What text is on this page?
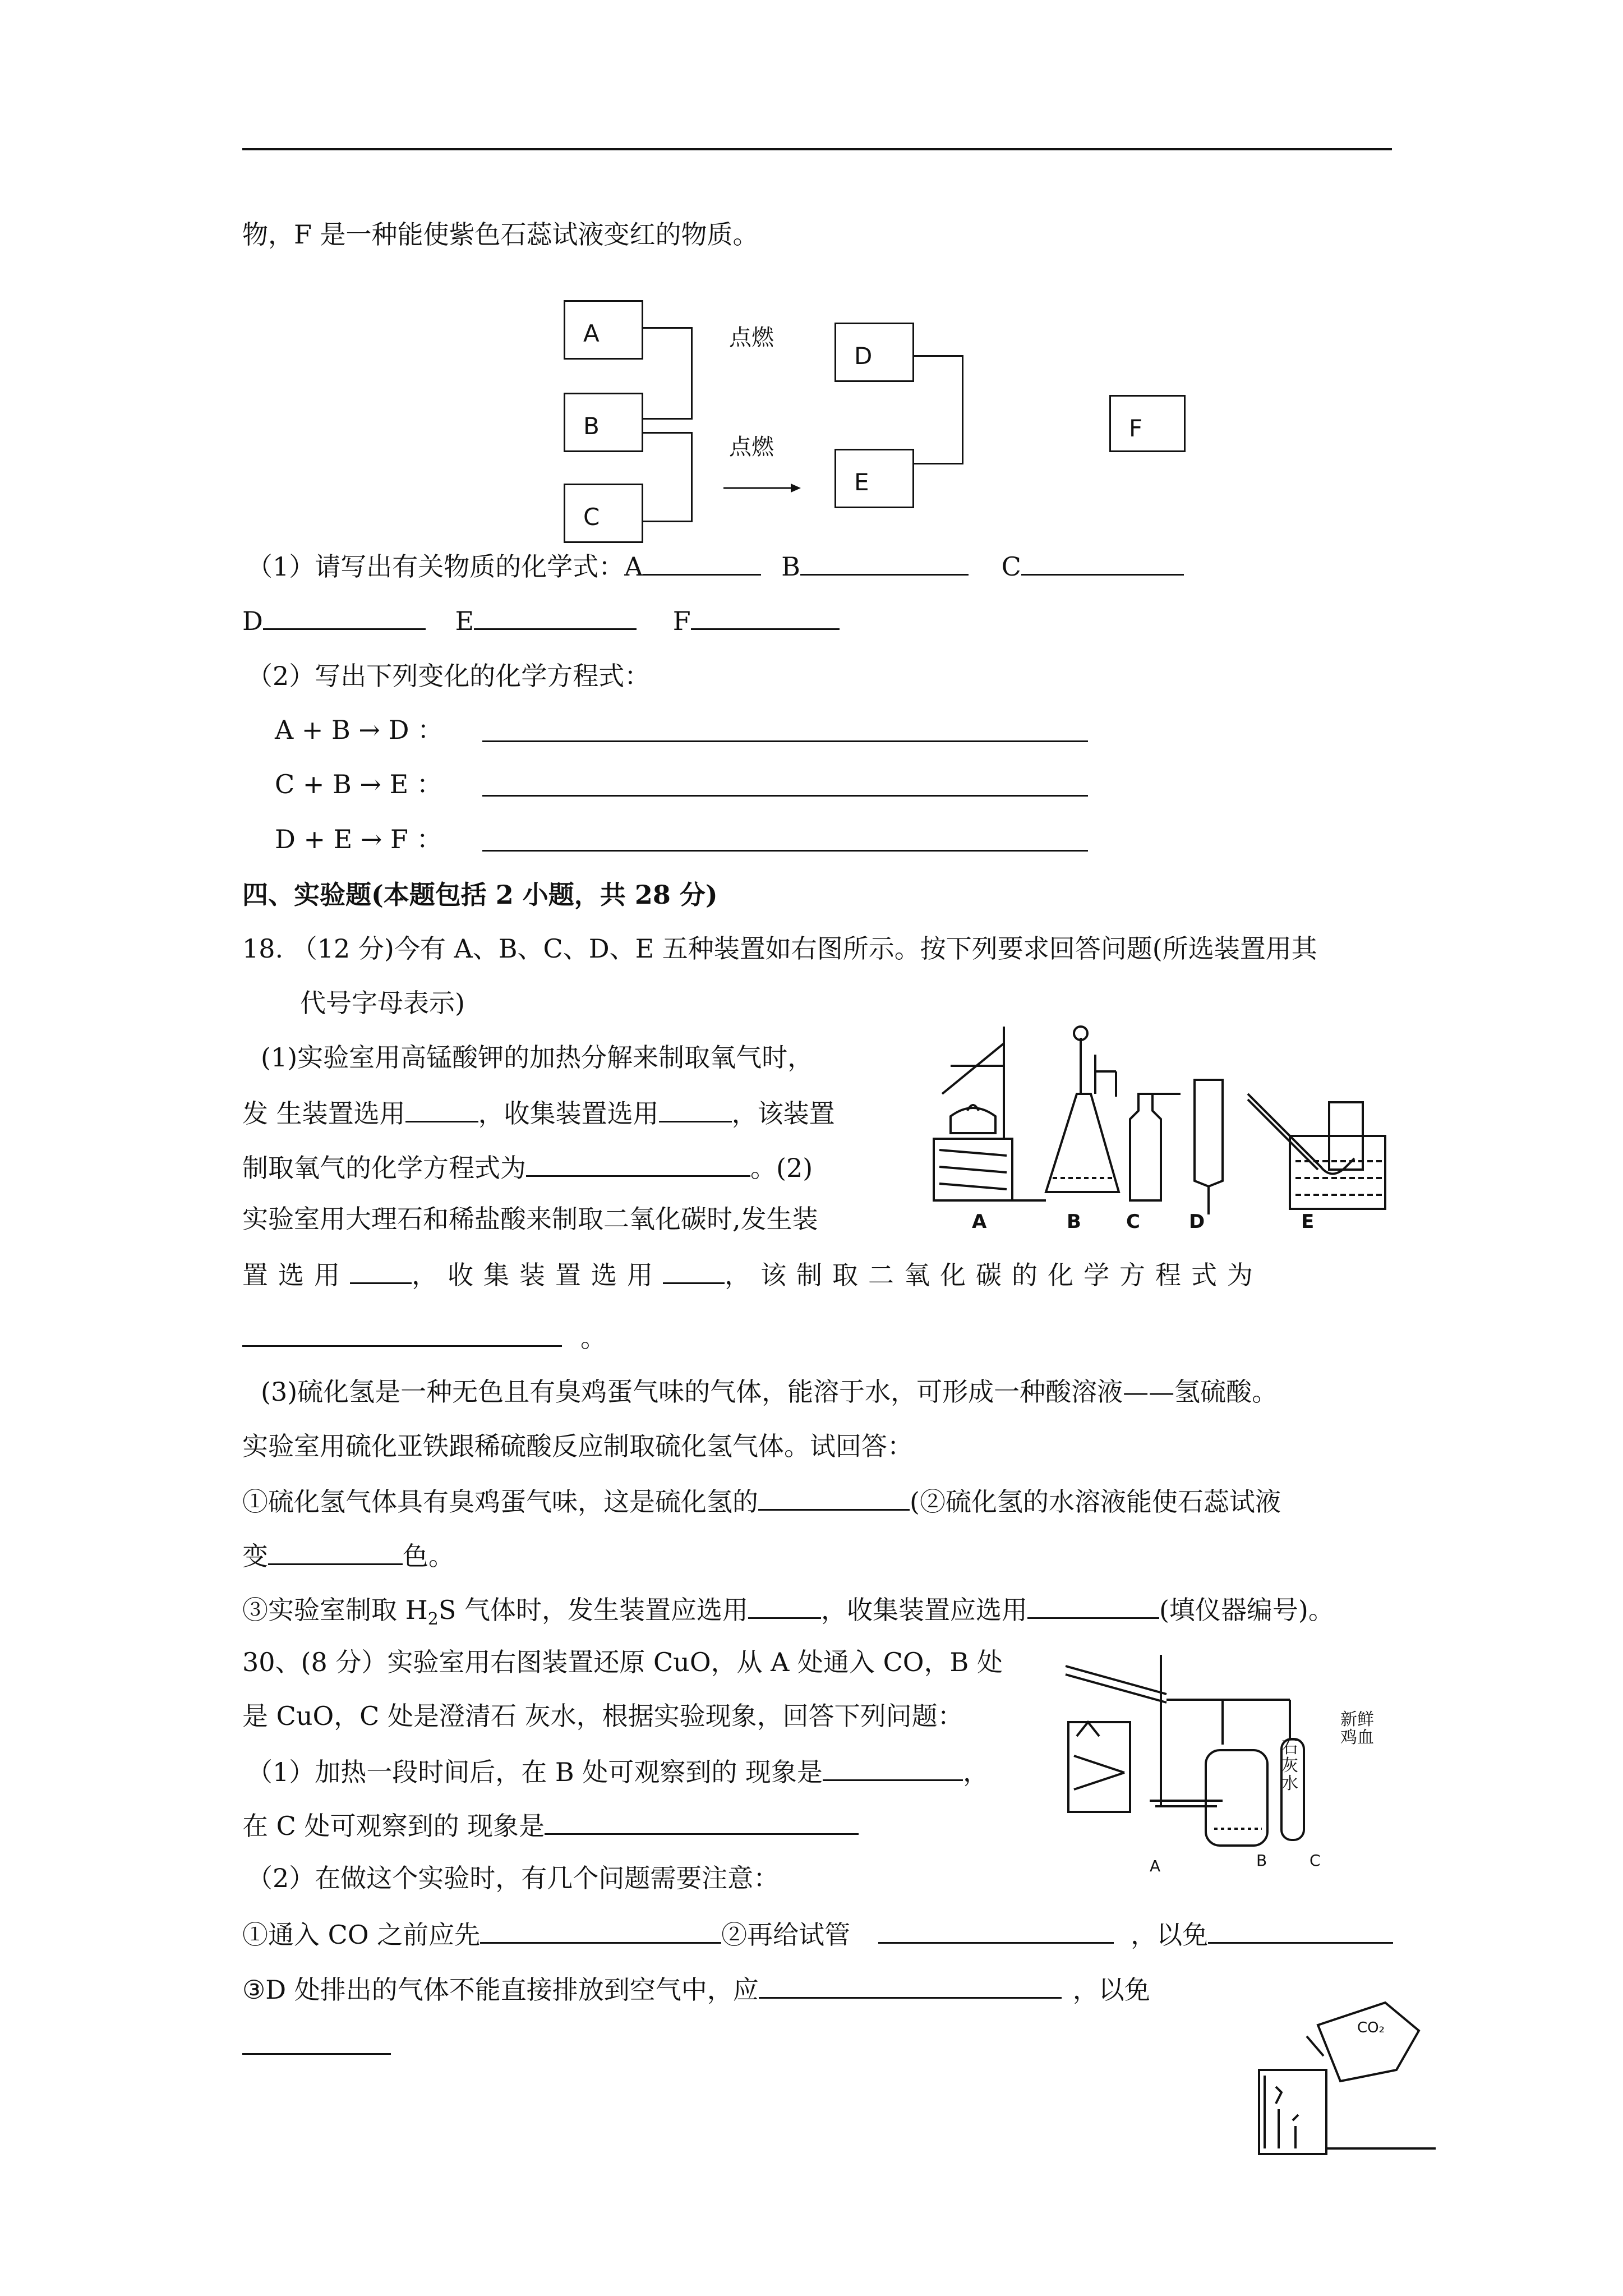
物，F 是一种能使紫色石蕊试液变红的物质。
A
B
C
D
E
F
点燃
点燃
（1）请写出有关物质的化学式：A	B	C
D	E	F
（2）写出下列变化的化学方程式：
A + B → D ：
C + B → E ：
D + E → F ：
四、实验题(本题包括 2 小题，共 28 分)
18. （12 分)今有 A、B、C、D、E 五种装置如右图所示。按下列要求回答问题(所选装置用其
代号字母表示)
(1)实验室用高锰酸钾的加热分解来制取氧气时，
发 生装置选用	，收集装置选用	，该装置
制取氧气的化学方程式为	。(2)
实验室用大理石和稀盐酸来制取二氧化碳时,发生装
置选用 ，收集装置选用 ，该制取二氧化碳的化学方程式为
。
A	B C	D	E
(3)硫化氢是一种无色且有臭鸡蛋气味的气体，能溶于水，可形成一种酸溶液——氢硫酸。
实验室用硫化亚铁跟稀硫酸反应制取硫化氢气体。试回答：
①硫化氢气体具有臭鸡蛋气味，这是硫化氢的	(②硫化氢的水溶液能使石蕊试液
变	色。
③实验室制取 $H_2S$ 气体时，发生装置应选用	，收集装置应选用	(填仪器编号)。
30、(8 分）实验室用右图装置还原 CuO，从 A 处通入 CO，B 处
是 CuO，C 处是澄清石 灰水，根据实验现象，回答下列问题：
（1）加热一段时间后，在 B 处可观察到的 现象是	，
在 C 处可观察到的 现象是
（2）在做这个实验时，有几个问题需要注意：
①通入 CO 之前应先	②再给试管	，以免
③D 处排出的气体不能直接排放到空气中，应	，以免
石
灰
水
新鲜
鸡血
A	B	C
CO₂
